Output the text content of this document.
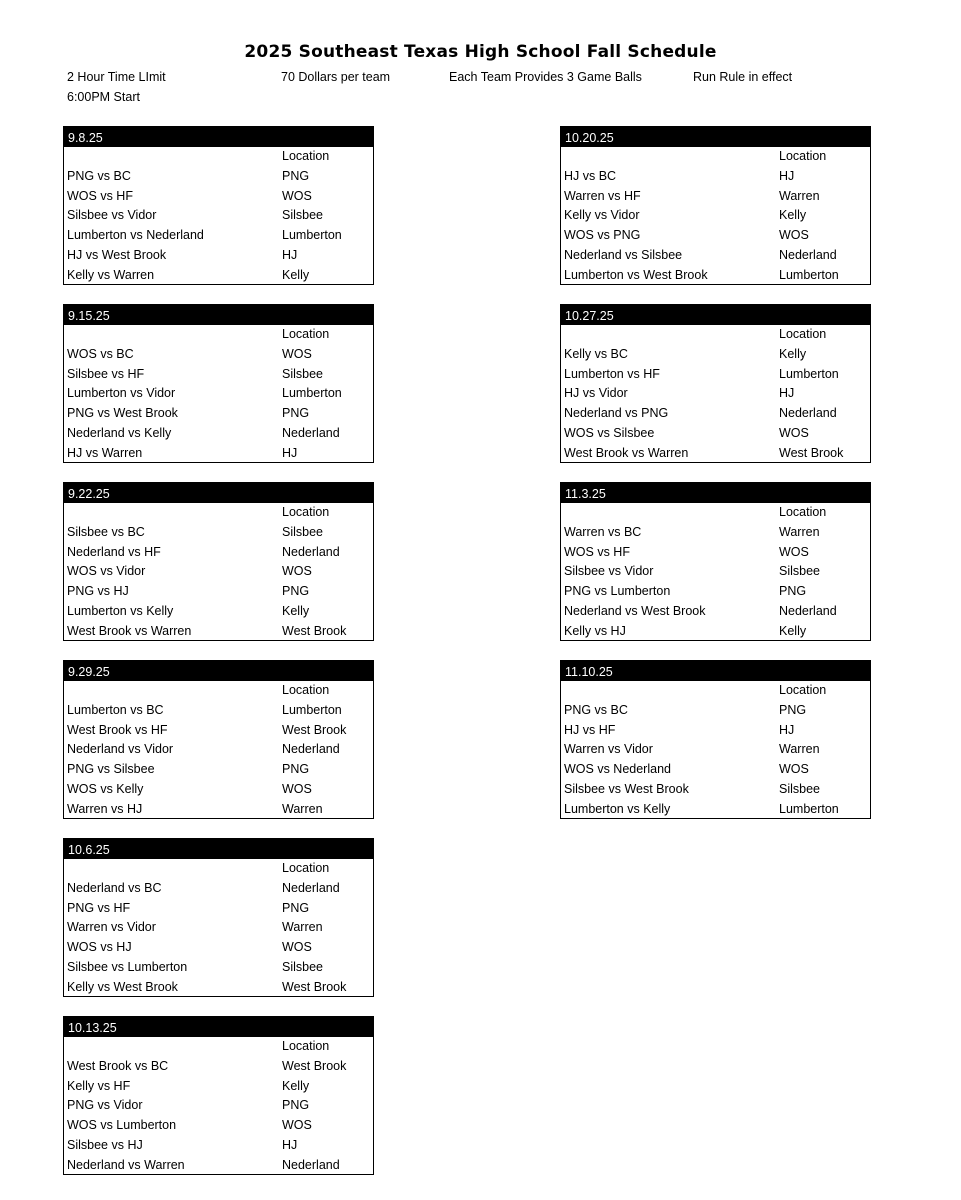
2025 Southeast Texas High School Fall Schedule
2 Hour Time LImit	70 Dollars per team	Each Team Provides 3 Game Balls	Run Rule in effect
6:00PM Start
9.8.25
Location
PNG vs BC	PNG
WOS vs HF	WOS
Silsbee vs Vidor	Silsbee
Lumberton vs Nederland	Lumberton
HJ vs West Brook	HJ
Kelly vs Warren	Kelly
9.15.25
Location
WOS vs BC	WOS
Silsbee vs HF	Silsbee
Lumberton vs Vidor	Lumberton
PNG vs West Brook	PNG
Nederland vs Kelly	Nederland
HJ vs Warren	HJ
9.22.25
Location
Silsbee vs BC	Silsbee
Nederland vs HF	Nederland
WOS vs Vidor	WOS
PNG vs HJ	PNG
Lumberton vs Kelly	Kelly
West Brook vs Warren	West Brook
9.29.25
Location
Lumberton vs BC	Lumberton
West Brook vs HF	West Brook
Nederland vs Vidor	Nederland
PNG vs Silsbee	PNG
WOS vs Kelly	WOS
Warren vs HJ	Warren
10.6.25
Location
Nederland vs BC	Nederland
PNG vs HF	PNG
Warren vs Vidor	Warren
WOS vs HJ	WOS
Silsbee vs Lumberton	Silsbee
Kelly vs West Brook	West Brook
10.13.25
Location
West Brook vs BC	West Brook
Kelly vs HF	Kelly
PNG vs Vidor	PNG
WOS vs Lumberton	WOS
Silsbee vs HJ	HJ
Nederland vs Warren	Nederland
10.20.25
Location
HJ vs BC	HJ
Warren vs HF	Warren
Kelly vs Vidor	Kelly
WOS vs PNG	WOS
Nederland vs Silsbee	Nederland
Lumberton vs West Brook	Lumberton
10.27.25
Location
Kelly vs BC	Kelly
Lumberton vs HF	Lumberton
HJ vs Vidor	HJ
Nederland vs PNG	Nederland
WOS vs Silsbee	WOS
West Brook vs Warren	West Brook
11.3.25
Location
Warren vs BC	Warren
WOS vs HF	WOS
Silsbee vs Vidor	Silsbee
PNG vs Lumberton	PNG
Nederland vs West Brook	Nederland
Kelly vs HJ	Kelly
11.10.25
Location
PNG vs BC	PNG
HJ vs HF	HJ
Warren vs Vidor	Warren
WOS vs Nederland	WOS
Silsbee vs West Brook	Silsbee
Lumberton vs Kelly	Lumberton
